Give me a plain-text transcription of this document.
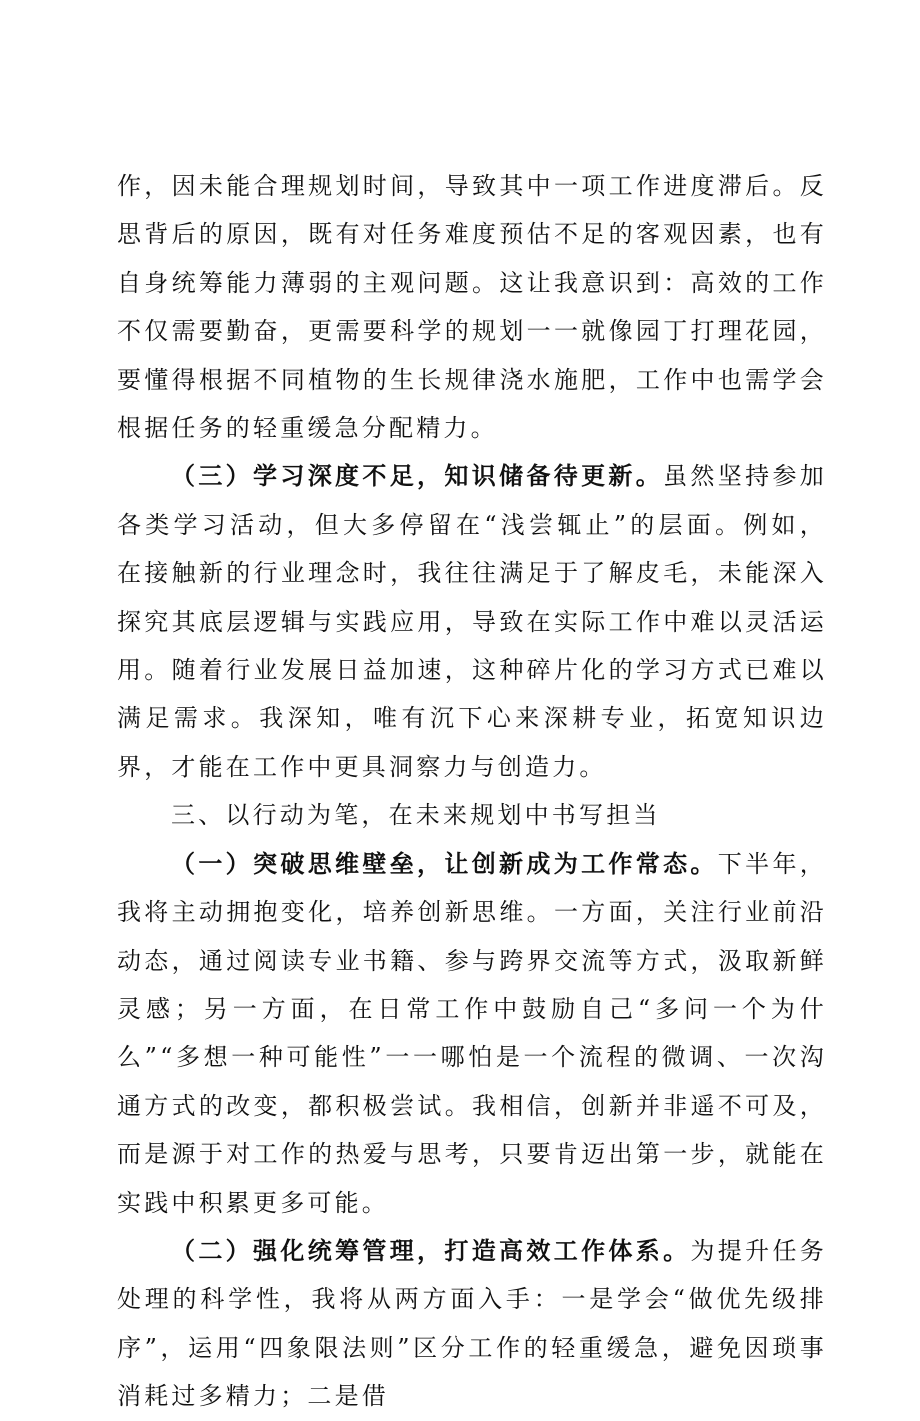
作，因未能合理规划时间，导致其中一项工作进度滞后。反思背后的原因，既有对任务难度预估不足的客观因素，也有自身统筹能力薄弱的主观问题。这让我意识到：高效的工作不仅需要勤奋，更需要科学的规划一一就像园丁打理花园，要懂得根据不同植物的生长规律浇水施肥，工作中也需学会根据任务的轻重缓急分配精力。

（三）学习深度不足，知识储备待更新。虽然坚持参加各类学习活动，但大多停留在“浅尝辄止”的层面。例如，在接触新的行业理念时，我往往满足于了解皮毛，未能深入探究其底层逻辑与实践应用，导致在实际工作中难以灵活运用。随着行业发展日益加速，这种碎片化的学习方式已难以满足需求。我深知，唯有沉下心来深耕专业，拓宽知识边界，才能在工作中更具洞察力与创造力。

三、以行动为笔，在未来规划中书写担当

（一）突破思维壁垒，让创新成为工作常态。下半年，我将主动拥抱变化，培养创新思维。一方面，关注行业前沿动态，通过阅读专业书籍、参与跨界交流等方式，汲取新鲜灵感；另一方面，在日常工作中鼓励自己“多问一个为什么”“多想一种可能性”一一哪怕是一个流程的微调、一次沟通方式的改变，都积极尝试。我相信，创新并非遥不可及，而是源于对工作的热爱与思考，只要肯迈出第一步，就能在实践中积累更多可能。

（二）强化统筹管理，打造高效工作体系。为提升任务处理的科学性，我将从两方面入手：一是学会“做优先级排序”，运用“四象限法则”区分工作的轻重缓急，避免因琐事消耗过多精力；二是借
